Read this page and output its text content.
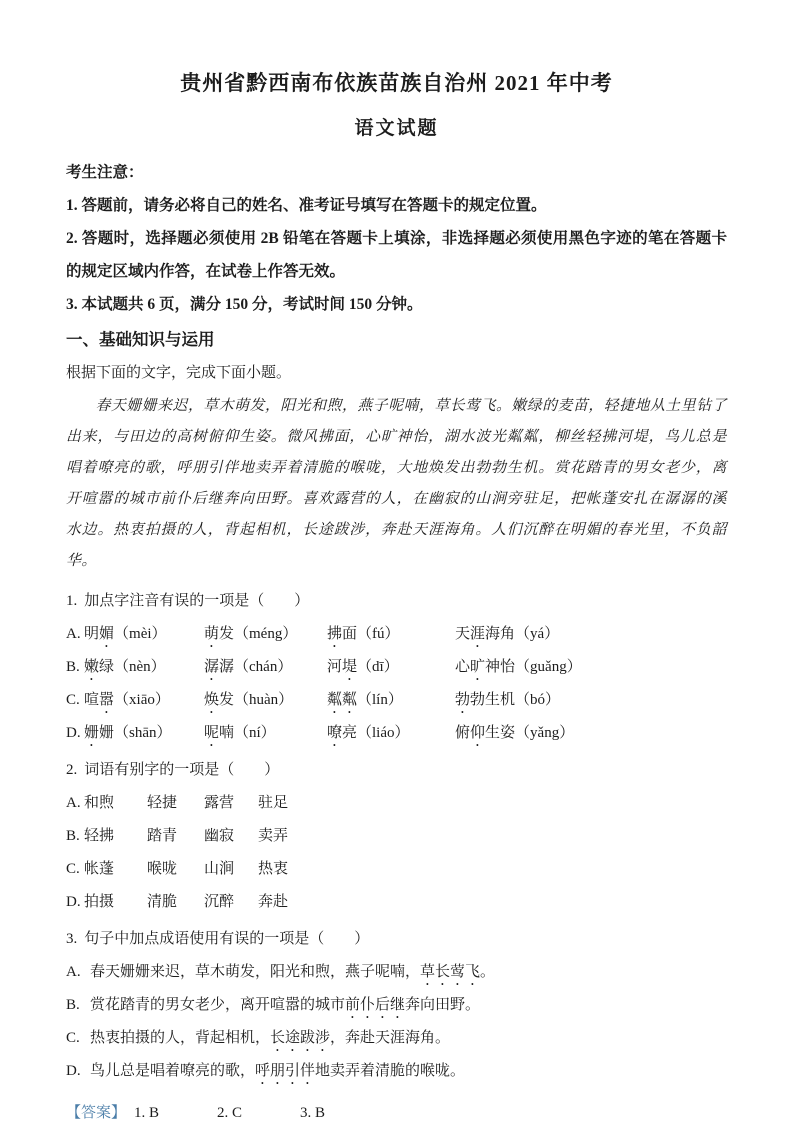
贵州省黔西南布依族苗族自治州 2021 年中考
语文试题

考生注意：

1. 答题前，请务必将自己的姓名、准考证号填写在答题卡的规定位置。

2. 答题时，选择题必须使用 2B 铅笔在答题卡上填涂，非选择题必须使用黑色字迹的笔在答题卡的规定区域内作答，在试卷上作答无效。

3. 本试题共 6 页，满分 150 分，考试时间 150 分钟。

一、基础知识与运用

根据下面的文字，完成下面小题。

春天姗姗来迟，草木萌发，阳光和煦，燕子呢喃，草长莺飞。嫩绿的麦苗，轻捷地从土里钻了出来，与田边的高树俯仰生姿。微风拂面，心旷神怡，湖水波光粼粼，柳丝轻拂河堤，鸟儿总是唱着嘹亮的歌，呼朋引伴地卖弄着清脆的喉咙，大地焕发出勃勃生机。赏花踏青的男女老少，离开喧嚣的城市前仆后继奔向田野。喜欢露营的人，在幽寂的山涧旁驻足，把帐蓬安扎在潺潺的溪水边。热衷拍摄的人，背起相机，长途跋涉，奔赴天涯海角。人们沉醉在明媚的春光里，不负韶华。

1. 加点字注音有误的一项是（　　）

A. 明媚（mèi）	萌发（méng）	拂面（fú）	天涯海角（yá）
B. 嫩绿（nèn）	潺潺（chán）	河堤（dī）	心旷神怡（guǎng）
C. 喧嚣（xiāo）	焕发（huàn）	粼粼（lín）	勃勃生机（bó）
D. 姗姗（shān）	呢喃（ní）	嘹亮（liáo）	俯仰生姿（yǎng）

2. 词语有别字的一项是（　　）

A. 和煦	轻捷	露营	驻足
B. 轻拂	踏青	幽寂	卖弄
C. 帐蓬	喉咙	山涧	热衷
D. 拍摄	清脆	沉醉	奔赴

3. 句子中加点成语使用有误的一项是（　　）

A. 春天姗姗来迟，草木萌发，阳光和煦，燕子呢喃，草长莺飞。
B. 赏花踏青的男女老少，离开喧嚣的城市前仆后继奔向田野。
C. 热衷拍摄的人，背起相机，长途跋涉，奔赴天涯海角。
D. 鸟儿总是唱着嘹亮的歌，呼朋引伴地卖弄着清脆的喉咙。

【答案】 1. B	2. C	3. B
